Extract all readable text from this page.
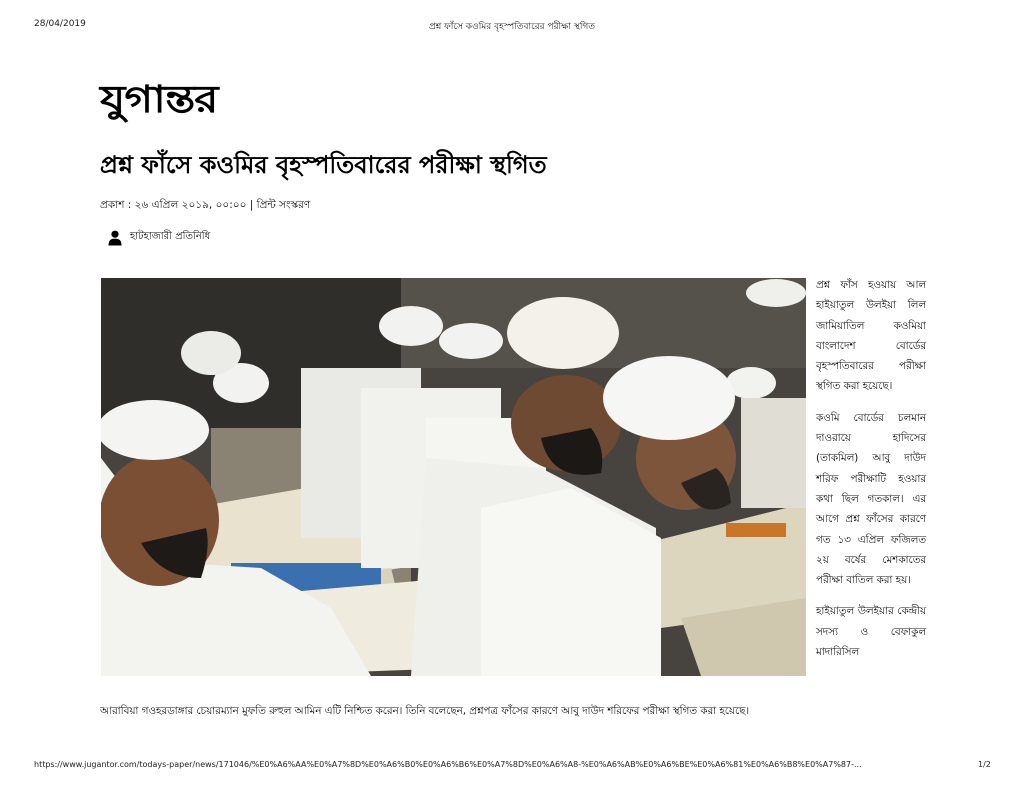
28/04/2019	প্রশ্ন ফাঁসে কওমির বৃহস্পতিবারের পরীক্ষা স্থগিত
যুগান্তর
প্রশ্ন ফাঁসে কওমির বৃহস্পতিবারের পরীক্ষা স্থগিত
প্রকাশ : ২৬ এপ্রিল ২০১৯, ০০:০০ | প্রিন্ট সংস্করণ
হাটহাজারী প্রতিনিধি

প্রশ্ন ফাঁস হওয়ায় আল হাইয়াতুল উলইয়া লিল জামিয়াতিল কওমিয়া বাংলাদেশ বোর্ডের বৃহস্পতিবারের পরীক্ষা স্থগিত করা হয়েছে।

কওমি বোর্ডের চলমান দাওরায়ে হাদিসের (তাকমিল) আবু দাউদ শরিফ পরীক্ষাটি হওয়ার কথা ছিল গতকাল। এর আগে প্রশ্ন ফাঁসের কারণে গত ১৩ এপ্রিল ফজিলত ২য় বর্ষের মেশকাতের পরীক্ষা বাতিল করা হয়।

হাইয়াতুল উলইয়ার কেন্দ্রীয় সদস্য ও বেফাকুল মাদারিসিল

আরাবিয়া গওহরডাঙ্গার চেয়ারম্যান মুফতি রুহুল আমিন এটি নিশ্চিত করেন। তিনি বলেছেন, প্রশ্নপত্র ফাঁসের কারণে আবু দাউদ শরিফের পরীক্ষা স্থগিত করা হয়েছে।
https://www.jugantor.com/todays-paper/news/171046/%E0%A6%AA%E0%A7%8D%E0%A6%B0%E0%A6%B6%E0%A7%8D%E0%A6%A8-%E0%A6%AB%E0%A6%BE%E0%A6%81%E0%A6%B8%E0%A7%87-...	1/2
